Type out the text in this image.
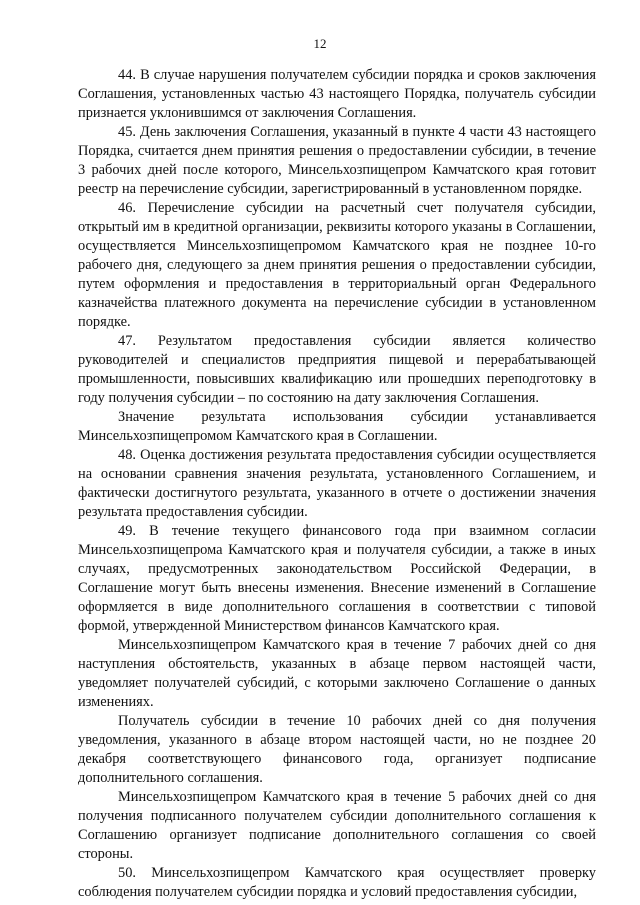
12

44. В случае нарушения получателем субсидии порядка и сроков заключения Соглашения, установленных частью 43 настоящего Порядка, получатель субсидии признается уклонившимся от заключения Соглашения.

45. День заключения Соглашения, указанный в пункте 4 части 43 настоящего Порядка, считается днем принятия решения о предоставлении субсидии, в течение 3 рабочих дней после которого, Минсельхозпищепром Камчатского края готовит реестр на перечисление субсидии, зарегистрированный в установленном порядке.

46. Перечисление субсидии на расчетный счет получателя субсидии, открытый им в кредитной организации, реквизиты которого указаны в Соглашении, осуществляется Минсельхозпищепромом Камчатского края не позднее 10-го рабочего дня, следующего за днем принятия решения о предоставлении субсидии, путем оформления и предоставления в территориальный орган Федерального казначейства платежного документа на перечисление субсидии в установленном порядке.

47. Результатом предоставления субсидии является количество руководителей и специалистов предприятия пищевой и перерабатывающей промышленности, повысивших квалификацию или прошедших переподготовку в году получения субсидии – по состоянию на дату заключения Соглашения.

Значение результата использования субсидии устанавливается Минсельхозпищепромом Камчатского края в Соглашении.

48. Оценка достижения результата предоставления субсидии осуществляется на основании сравнения значения результата, установленного Соглашением, и фактически достигнутого результата, указанного в отчете о достижении значения результата предоставления субсидии.

49. В течение текущего финансового года при взаимном согласии Минсельхозпищепрома Камчатского края и получателя субсидии, а также в иных случаях, предусмотренных законодательством Российской Федерации, в Соглашение могут быть внесены изменения. Внесение изменений в Соглашение оформляется в виде дополнительного соглашения в соответствии с типовой формой, утвержденной Министерством финансов Камчатского края.

Минсельхозпищепром Камчатского края в течение 7 рабочих дней со дня наступления обстоятельств, указанных в абзаце первом настоящей части, уведомляет получателей субсидий, с которыми заключено Соглашение о данных изменениях.

Получатель субсидии в течение 10 рабочих дней со дня получения уведомления, указанного в абзаце втором настоящей части, но не позднее 20 декабря соответствующего финансового года, организует подписание дополнительного соглашения.

Минсельхозпищепром Камчатского края в течение 5 рабочих дней со дня получения подписанного получателем субсидии дополнительного соглашения к Соглашению организует подписание дополнительного соглашения со своей стороны.

50. Минсельхозпищепром Камчатского края осуществляет проверку соблюдения получателем субсидии порядка и условий предоставления субсидии,
